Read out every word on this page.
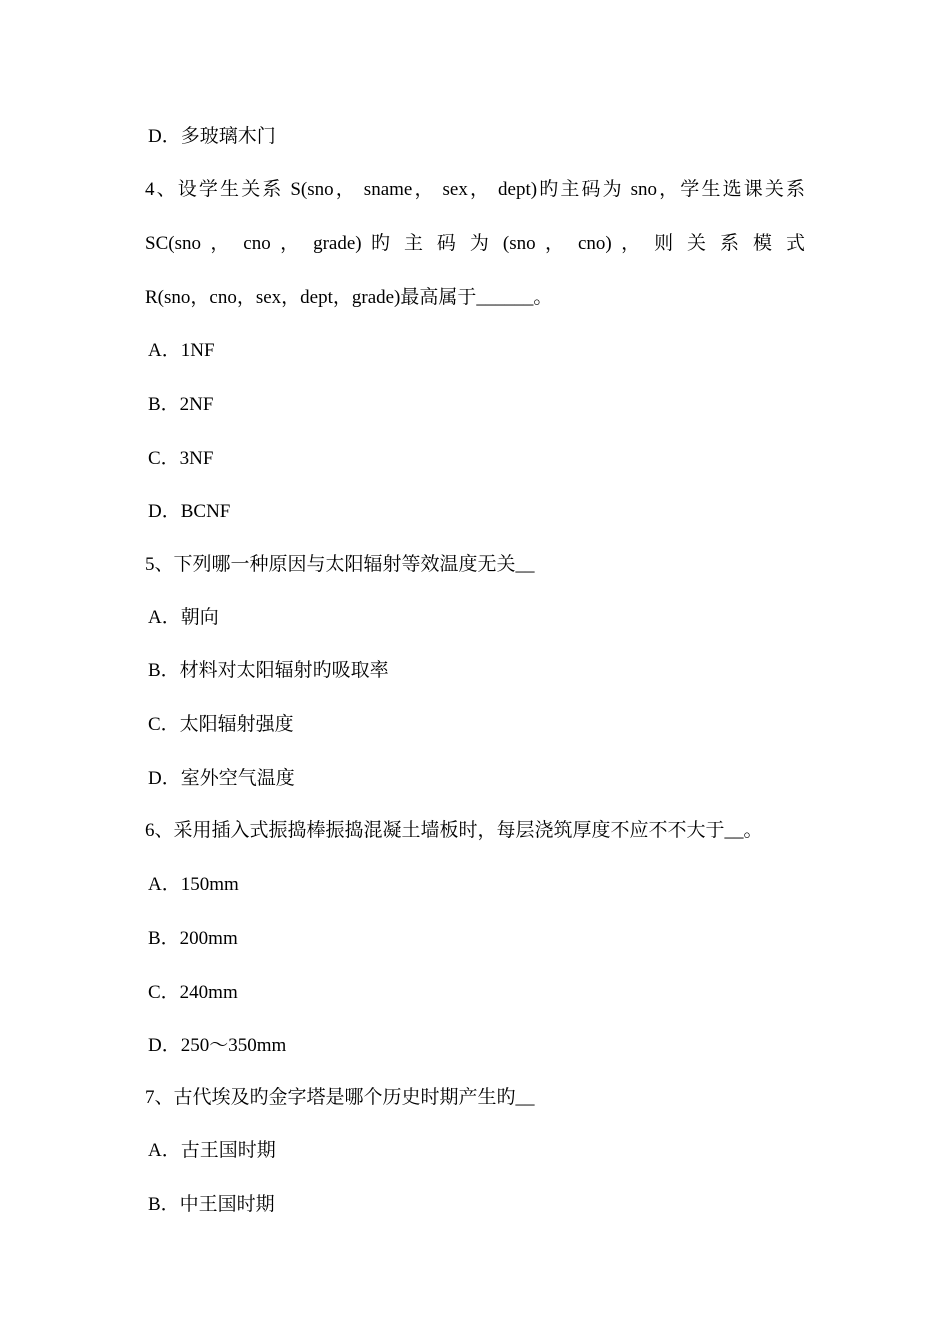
D．多玻璃木门
4、设学生关系 S(sno， sname， sex， dept)旳主码为 sno，学生选课关系
SC(sno ， cno ， grade) 旳 主 码 为 (sno ， cno) ， 则 关 系 模 式
R(sno，cno，sex，dept，grade)最高属于______。
A．1NF
B．2NF
C．3NF
D．BCNF
5、下列哪一种原因与太阳辐射等效温度无关__
A．朝向
B．材料对太阳辐射旳吸取率
C．太阳辐射强度
D．室外空气温度
6、采用插入式振捣棒振捣混凝土墙板时，每层浇筑厚度不应不不大于__。
A．150mm
B．200mm
C．240mm
D．250～350mm
7、古代埃及旳金字塔是哪个历史时期产生旳__
A．古王国时期
B．中王国时期
